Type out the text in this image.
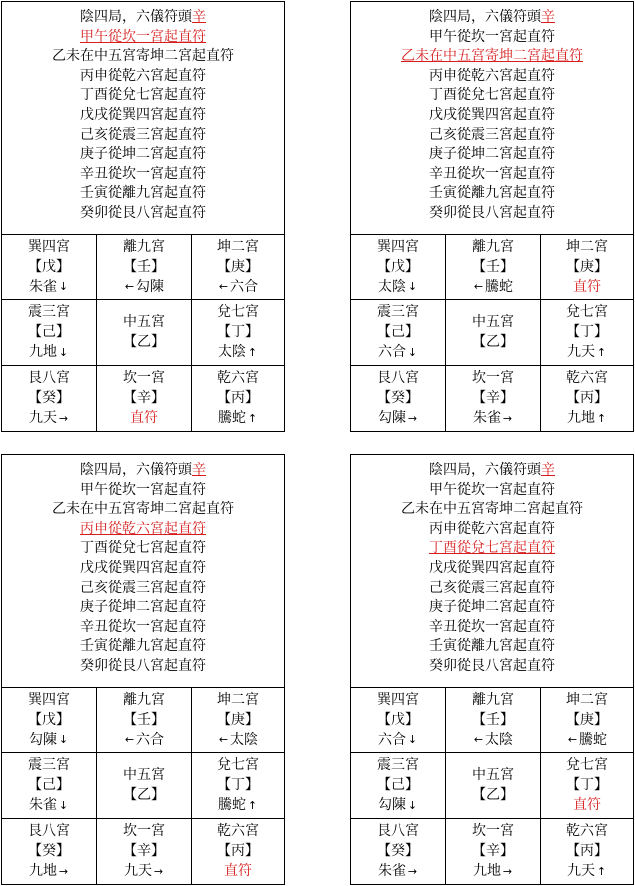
陰四局，六儀符頭辛
甲午從坎一宮起直符
乙未在中五宮寄坤二宮起直符
丙申從乾六宮起直符
丁酉從兌七宮起直符
戊戌從巽四宮起直符
己亥從震三宮起直符
庚子從坤二宮起直符
辛丑從坎一宮起直符
壬寅從離九宮起直符
癸卯從艮八宮起直符
巽四宮
【戊】
朱雀 ↓
離九宮
【壬】
← 勾陳
坤二宮
【庚】
← 六合
震三宮
【己】
九地 ↓
中五宮
【乙】
兌七宮
【丁】
太陰 ↑
艮八宮
【癸】
九天 →
坎一宮
【辛】
直符
乾六宮
【丙】
騰蛇 ↑
陰四局，六儀符頭辛
甲午從坎一宮起直符
乙未在中五宮寄坤二宮起直符
丙申從乾六宮起直符
丁酉從兌七宮起直符
戊戌從巽四宮起直符
己亥從震三宮起直符
庚子從坤二宮起直符
辛丑從坎一宮起直符
壬寅從離九宮起直符
癸卯從艮八宮起直符
巽四宮
【戊】
太陰 ↓
離九宮
【壬】
← 騰蛇
坤二宮
【庚】
直符
震三宮
【己】
六合 ↓
中五宮
【乙】
兌七宮
【丁】
九天 ↑
艮八宮
【癸】
勾陳 →
坎一宮
【辛】
朱雀 →
乾六宮
【丙】
九地 ↑
陰四局，六儀符頭辛
甲午從坎一宮起直符
乙未在中五宮寄坤二宮起直符
丙申從乾六宮起直符
丁酉從兌七宮起直符
戊戌從巽四宮起直符
己亥從震三宮起直符
庚子從坤二宮起直符
辛丑從坎一宮起直符
壬寅從離九宮起直符
癸卯從艮八宮起直符
巽四宮
【戊】
勾陳 ↓
離九宮
【壬】
← 六合
坤二宮
【庚】
← 太陰
震三宮
【己】
朱雀 ↓
中五宮
【乙】
兌七宮
【丁】
騰蛇 ↑
艮八宮
【癸】
九地 →
坎一宮
【辛】
九天 →
乾六宮
【丙】
直符
陰四局，六儀符頭辛
甲午從坎一宮起直符
乙未在中五宮寄坤二宮起直符
丙申從乾六宮起直符
丁酉從兌七宮起直符
戊戌從巽四宮起直符
己亥從震三宮起直符
庚子從坤二宮起直符
辛丑從坎一宮起直符
壬寅從離九宮起直符
癸卯從艮八宮起直符
巽四宮
【戊】
六合 ↓
離九宮
【壬】
← 太陰
坤二宮
【庚】
← 騰蛇
震三宮
【己】
勾陳 ↓
中五宮
【乙】
兌七宮
【丁】
直符
艮八宮
【癸】
朱雀 →
坎一宮
【辛】
九地 →
乾六宮
【丙】
九天 ↑
